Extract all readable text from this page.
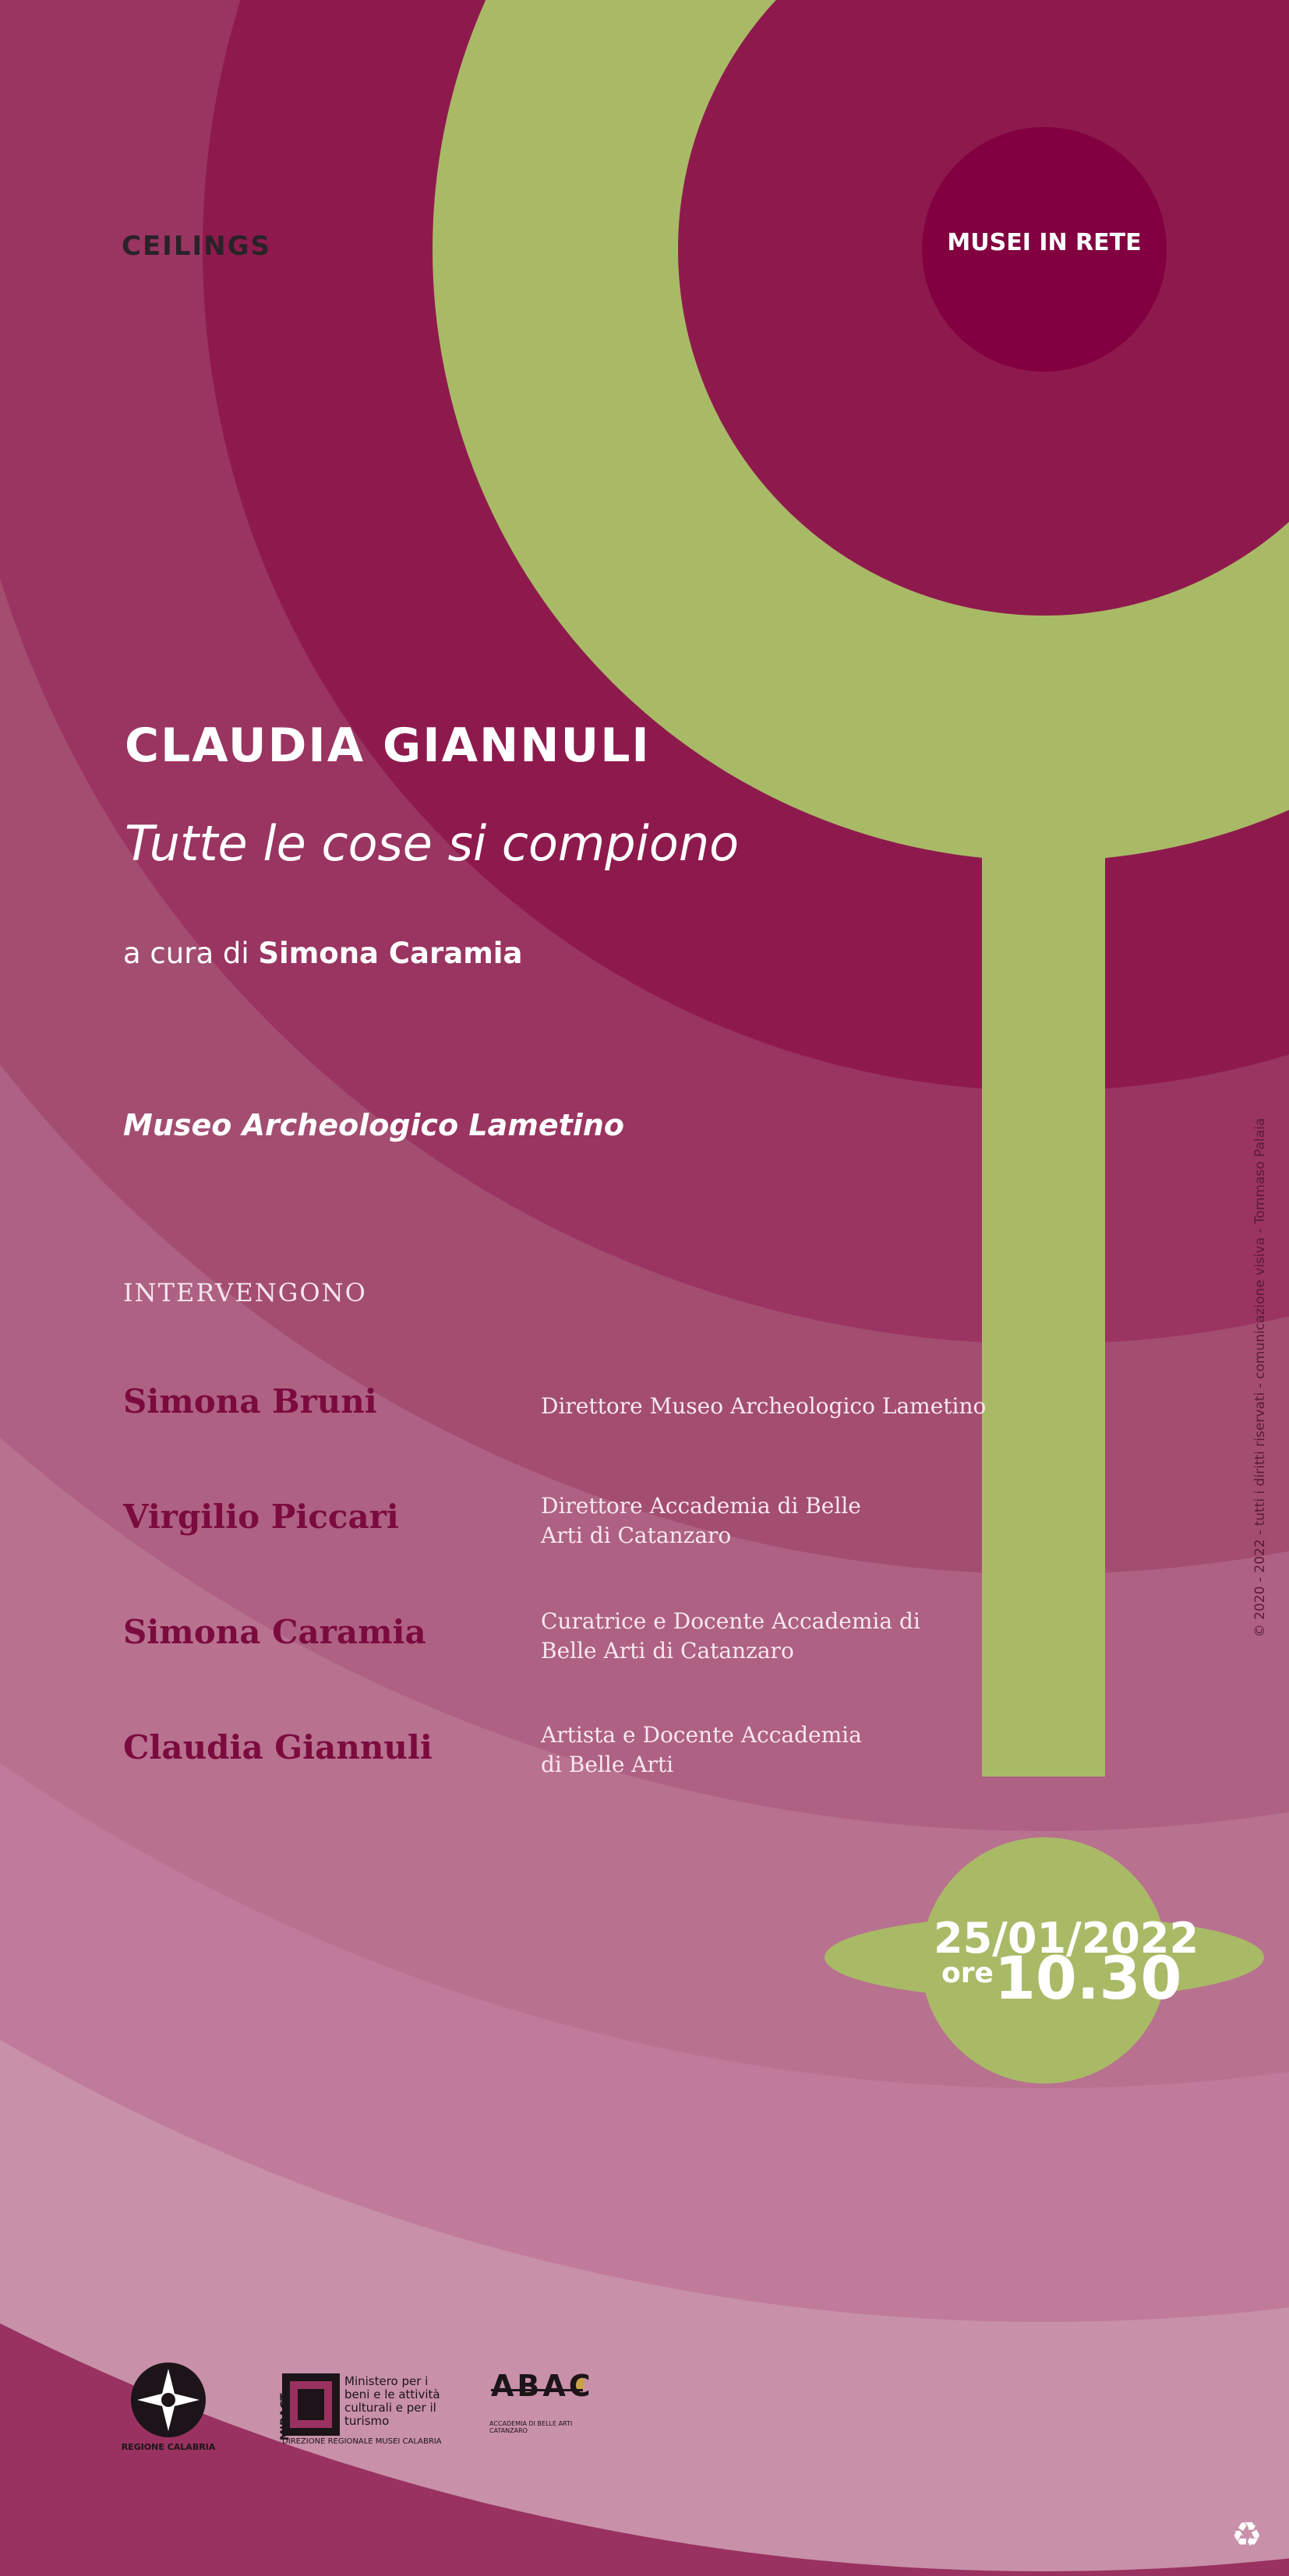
CEILINGS	MUSEI IN RETE
CLAUDIA GIANNULI
Tutte le cose si compiono
a cura di Simona Caramia
Museo Archeologico Lametino
INTERVENGONO
Simona Bruni	Direttore Museo Archeologico Lametino
Virgilio Piccari	Direttore Accademia di Belle Arti di Catanzaro
Simona Caramia	Curatrice e Docente Accademia di Belle Arti di Catanzaro
Claudia Giannuli	Artista e Docente Accademia di Belle Arti
25/01/2022
ore 10.30
© 2020 - 2022 - tutti i diritti riservati - comunicazione visiva - Tommaso Palaia
REGIONE CALABRIA
MIBACT
Ministero per i beni e le attività culturali e per il turismo
DIREZIONE REGIONALE MUSEI CALABRIA
ABAC
ACCADEMIA DI BELLE ARTI CATANZARO
♻
